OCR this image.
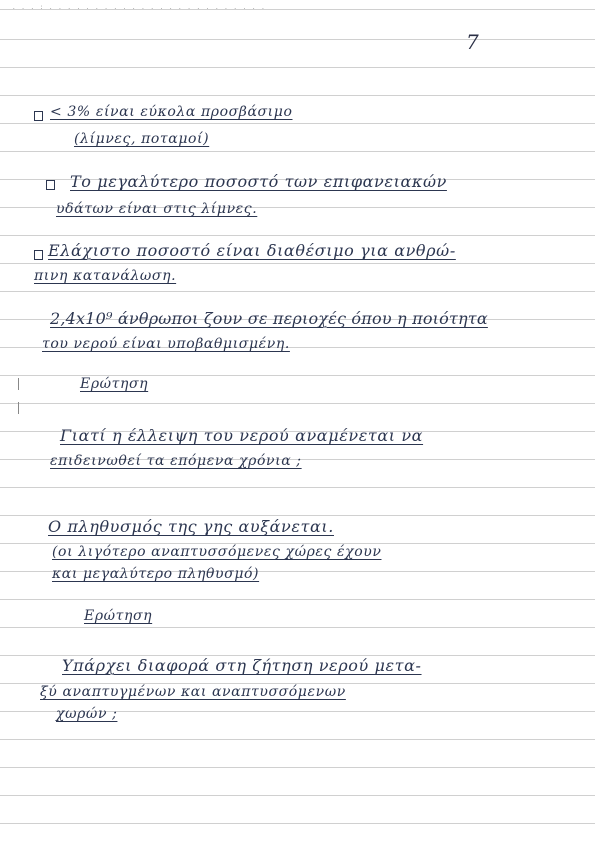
. . . : . . . . . . . . . . . . . . . . . . . . . . . .
7
< 3% είναι εύκολα προσβάσιμο
(λίμνες, ποταμοί)
Το μεγαλύτερο ποσοστό των επιφανειακών
υδάτων είναι στις λίμνες.
Ελάχιστο ποσοστό είναι διαθέσιμο για ανθρώ-
πινη κατανάλωση.
2,4x10⁹ άνθρωποι ζουν σε περιοχές όπου η ποιότητα
του νερού είναι υποβαθμισμένη.
Ερώτηση
Γιατί η έλλειψη του νερού αναμένεται να
επιδεινωθεί τα επόμενα χρόνια ;
Ο πληθυσμός της γης αυξάνεται.
(οι λιγότερο αναπτυσσόμενες χώρες έχουν
και μεγαλύτερο πληθυσμό)
Ερώτηση
Υπάρχει διαφορά στη ζήτηση νερού μετα-
ξύ αναπτυγμένων και αναπτυσσόμενων
χωρών ;
